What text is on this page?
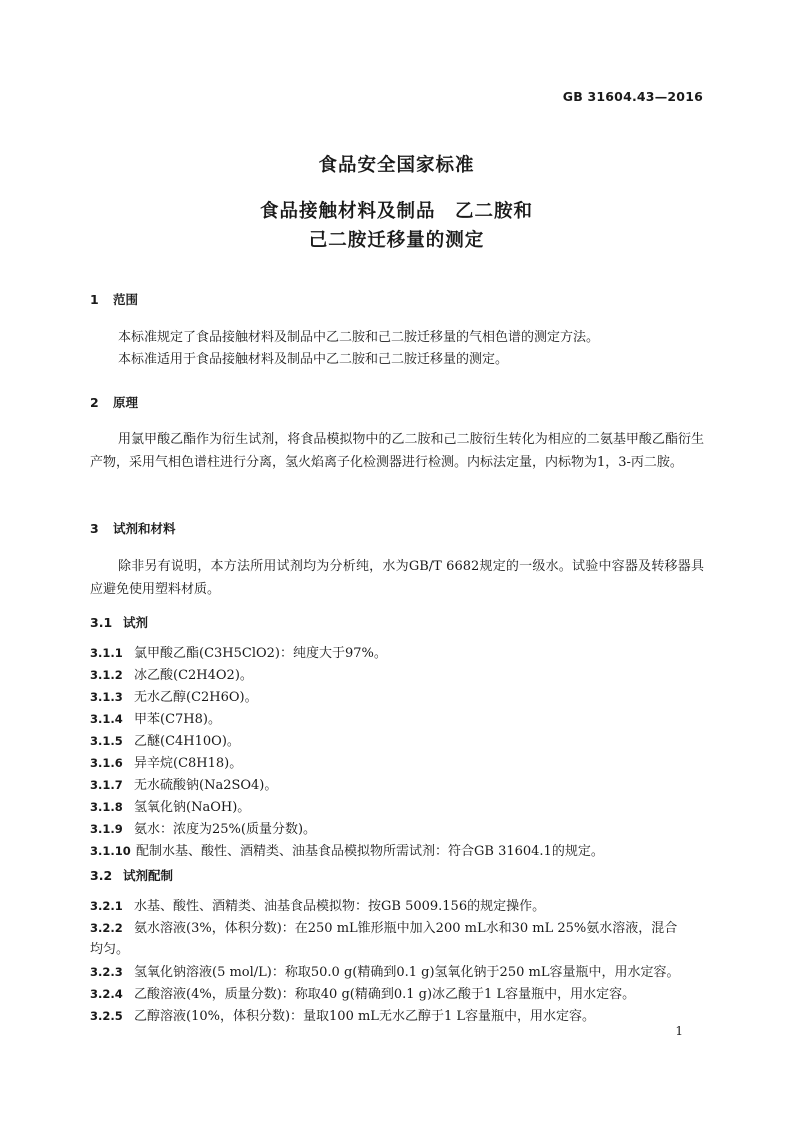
GB 31604.43—2016
食品安全国家标准
食品接触材料及制品　乙二胺和
己二胺迁移量的测定
1 范围
本标准规定了食品接触材料及制品中乙二胺和己二胺迁移量的气相色谱的测定方法。
本标准适用于食品接触材料及制品中乙二胺和己二胺迁移量的测定。
2 原理
用氯甲酸乙酯作为衍生试剂，将食品模拟物中的乙二胺和己二胺衍生转化为相应的二氨基甲酸乙酯衍生产物，采用气相色谱柱进行分离，氢火焰离子化检测器进行检测。内标法定量，内标物为1，3-丙二胺。
3 试剂和材料
除非另有说明，本方法所用试剂均为分析纯，水为GB/T 6682规定的一级水。试验中容器及转移器具应避免使用塑料材质。
3.1 试剂
3.1.1 氯甲酸乙酯(C3H5ClO2)：纯度大于97%。
3.1.2 冰乙酸(C2H4O2)。
3.1.3 无水乙醇(C2H6O)。
3.1.4 甲苯(C7H8)。
3.1.5 乙醚(C4H10O)。
3.1.6 异辛烷(C8H18)。
3.1.7 无水硫酸钠(Na2SO4)。
3.1.8 氢氧化钠(NaOH)。
3.1.9 氨水：浓度为25%(质量分数)。
3.1.10 配制水基、酸性、酒精类、油基食品模拟物所需试剂：符合GB 31604.1的规定。
3.2 试剂配制
3.2.1 水基、酸性、酒精类、油基食品模拟物：按GB 5009.156的规定操作。
3.2.2 氨水溶液(3%，体积分数)：在250 mL锥形瓶中加入200 mL水和30 mL 25%氨水溶液，混合
均匀。
3.2.3 氢氧化钠溶液(5 mol/L)：称取50.0 g(精确到0.1 g)氢氧化钠于250 mL容量瓶中，用水定容。
3.2.4 乙酸溶液(4%，质量分数)：称取40 g(精确到0.1 g)冰乙酸于1 L容量瓶中，用水定容。
3.2.5 乙醇溶液(10%，体积分数)：量取100 mL无水乙醇于1 L容量瓶中，用水定容。
1
